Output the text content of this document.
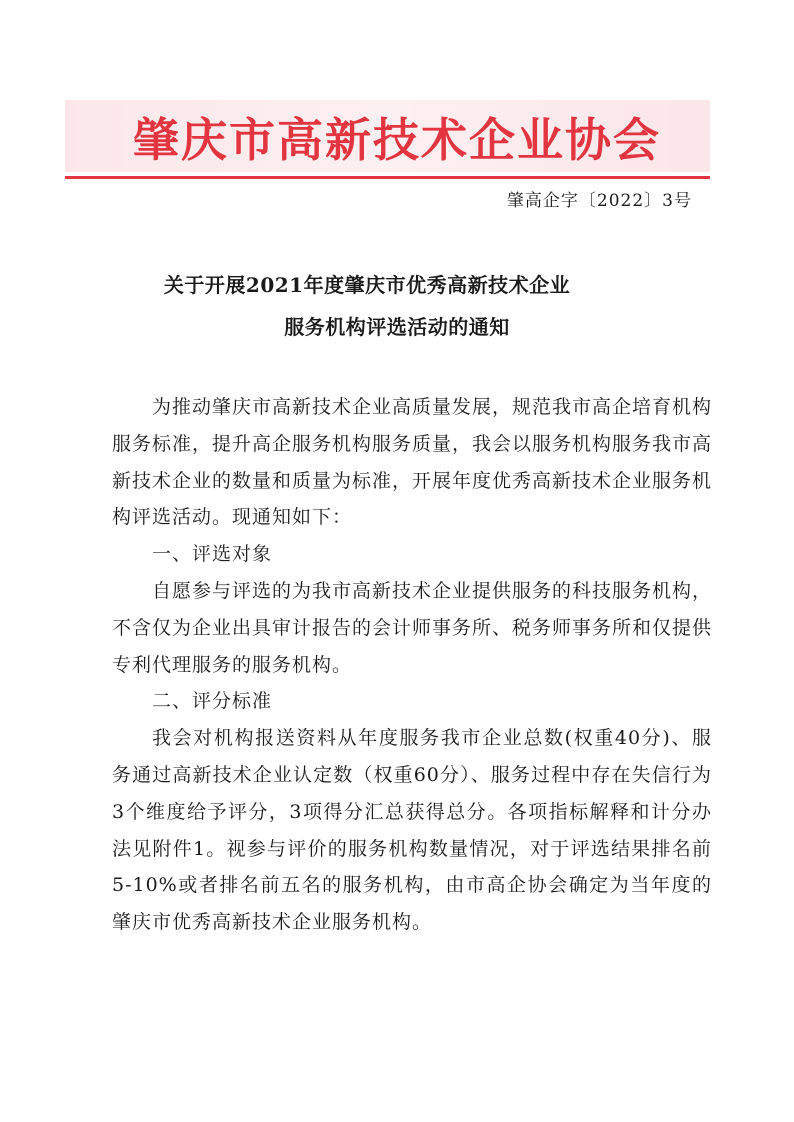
肇庆市高新技术企业协会
肇高企字〔2022〕3号
关于开展2021年度肇庆市优秀高新技术企业
服务机构评选活动的通知

为推动肇庆市高新技术企业高质量发展，规范我市高企培育机构服务标准，提升高企服务机构服务质量，我会以服务机构服务我市高新技术企业的数量和质量为标准，开展年度优秀高新技术企业服务机构评选活动。现通知如下：

一、评选对象

自愿参与评选的为我市高新技术企业提供服务的科技服务机构，不含仅为企业出具审计报告的会计师事务所、税务师事务所和仅提供专利代理服务的服务机构。

二、评分标准

我会对机构报送资料从年度服务我市企业总数(权重40分)、服务通过高新技术企业认定数（权重60分）、服务过程中存在失信行为3个维度给予评分，3项得分汇总获得总分。各项指标解释和计分办法见附件1。视参与评价的服务机构数量情况，对于评选结果排名前5-10%或者排名前五名的服务机构，由市高企协会确定为当年度的肇庆市优秀高新技术企业服务机构。
